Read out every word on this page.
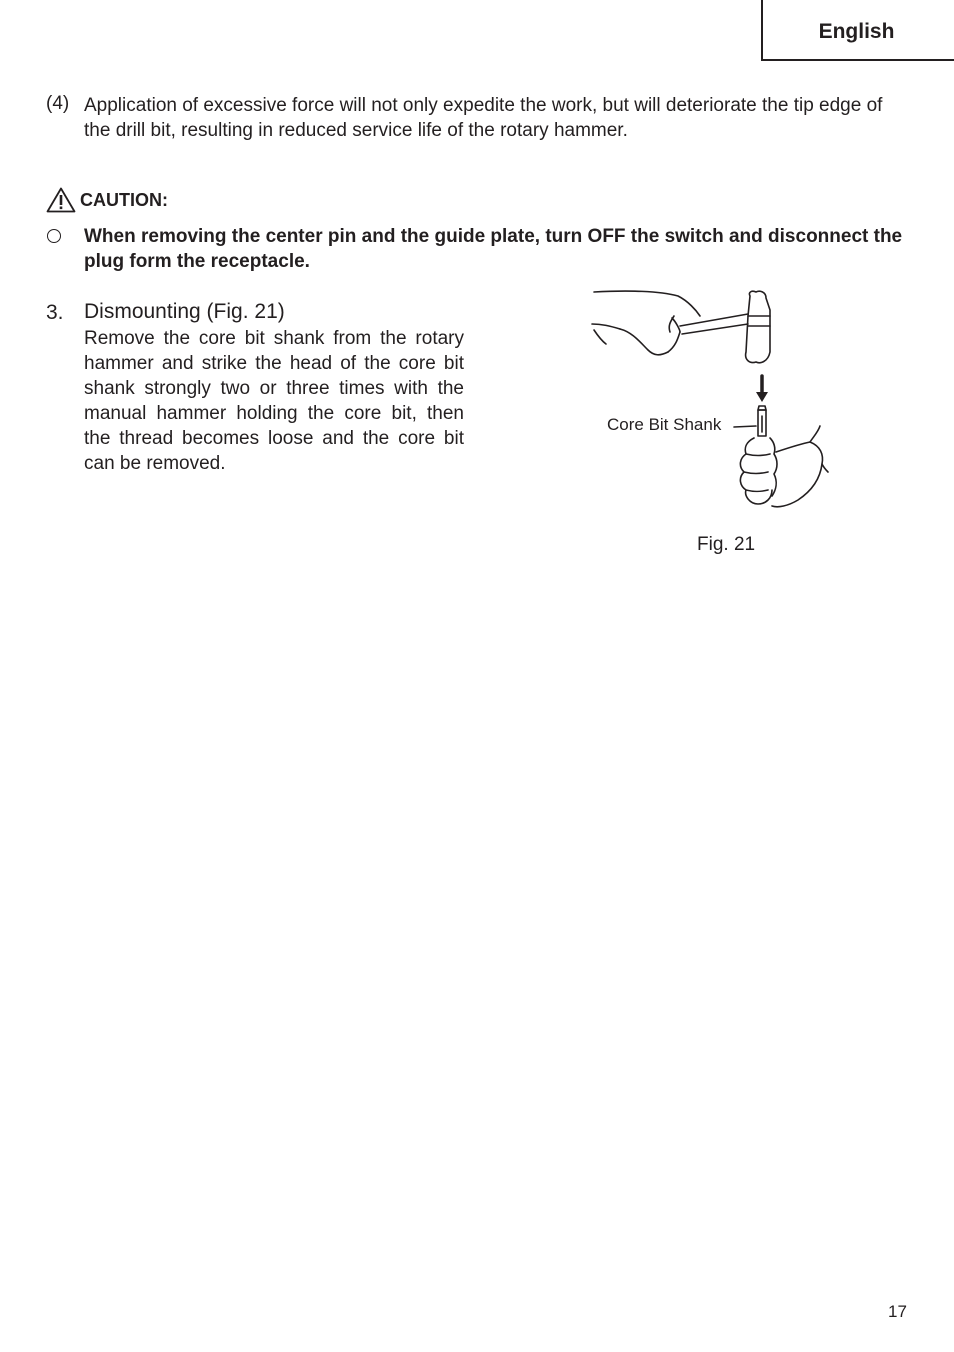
English
(4) Application of excessive force will not only expedite the work, but will deteriorate the tip edge of the drill bit, resulting in reduced service life of the rotary hammer.
CAUTION:
When removing the center pin and the guide plate, turn OFF the switch and disconnect the plug form the receptacle.
3. Dismounting (Fig. 21)
Remove the core bit shank from the rotary hammer and strike the head of the core bit shank strongly two or three times with the manual hammer holding the core bit, then the thread becomes loose and the core bit can be removed.
Core Bit Shank
Fig. 21
17
